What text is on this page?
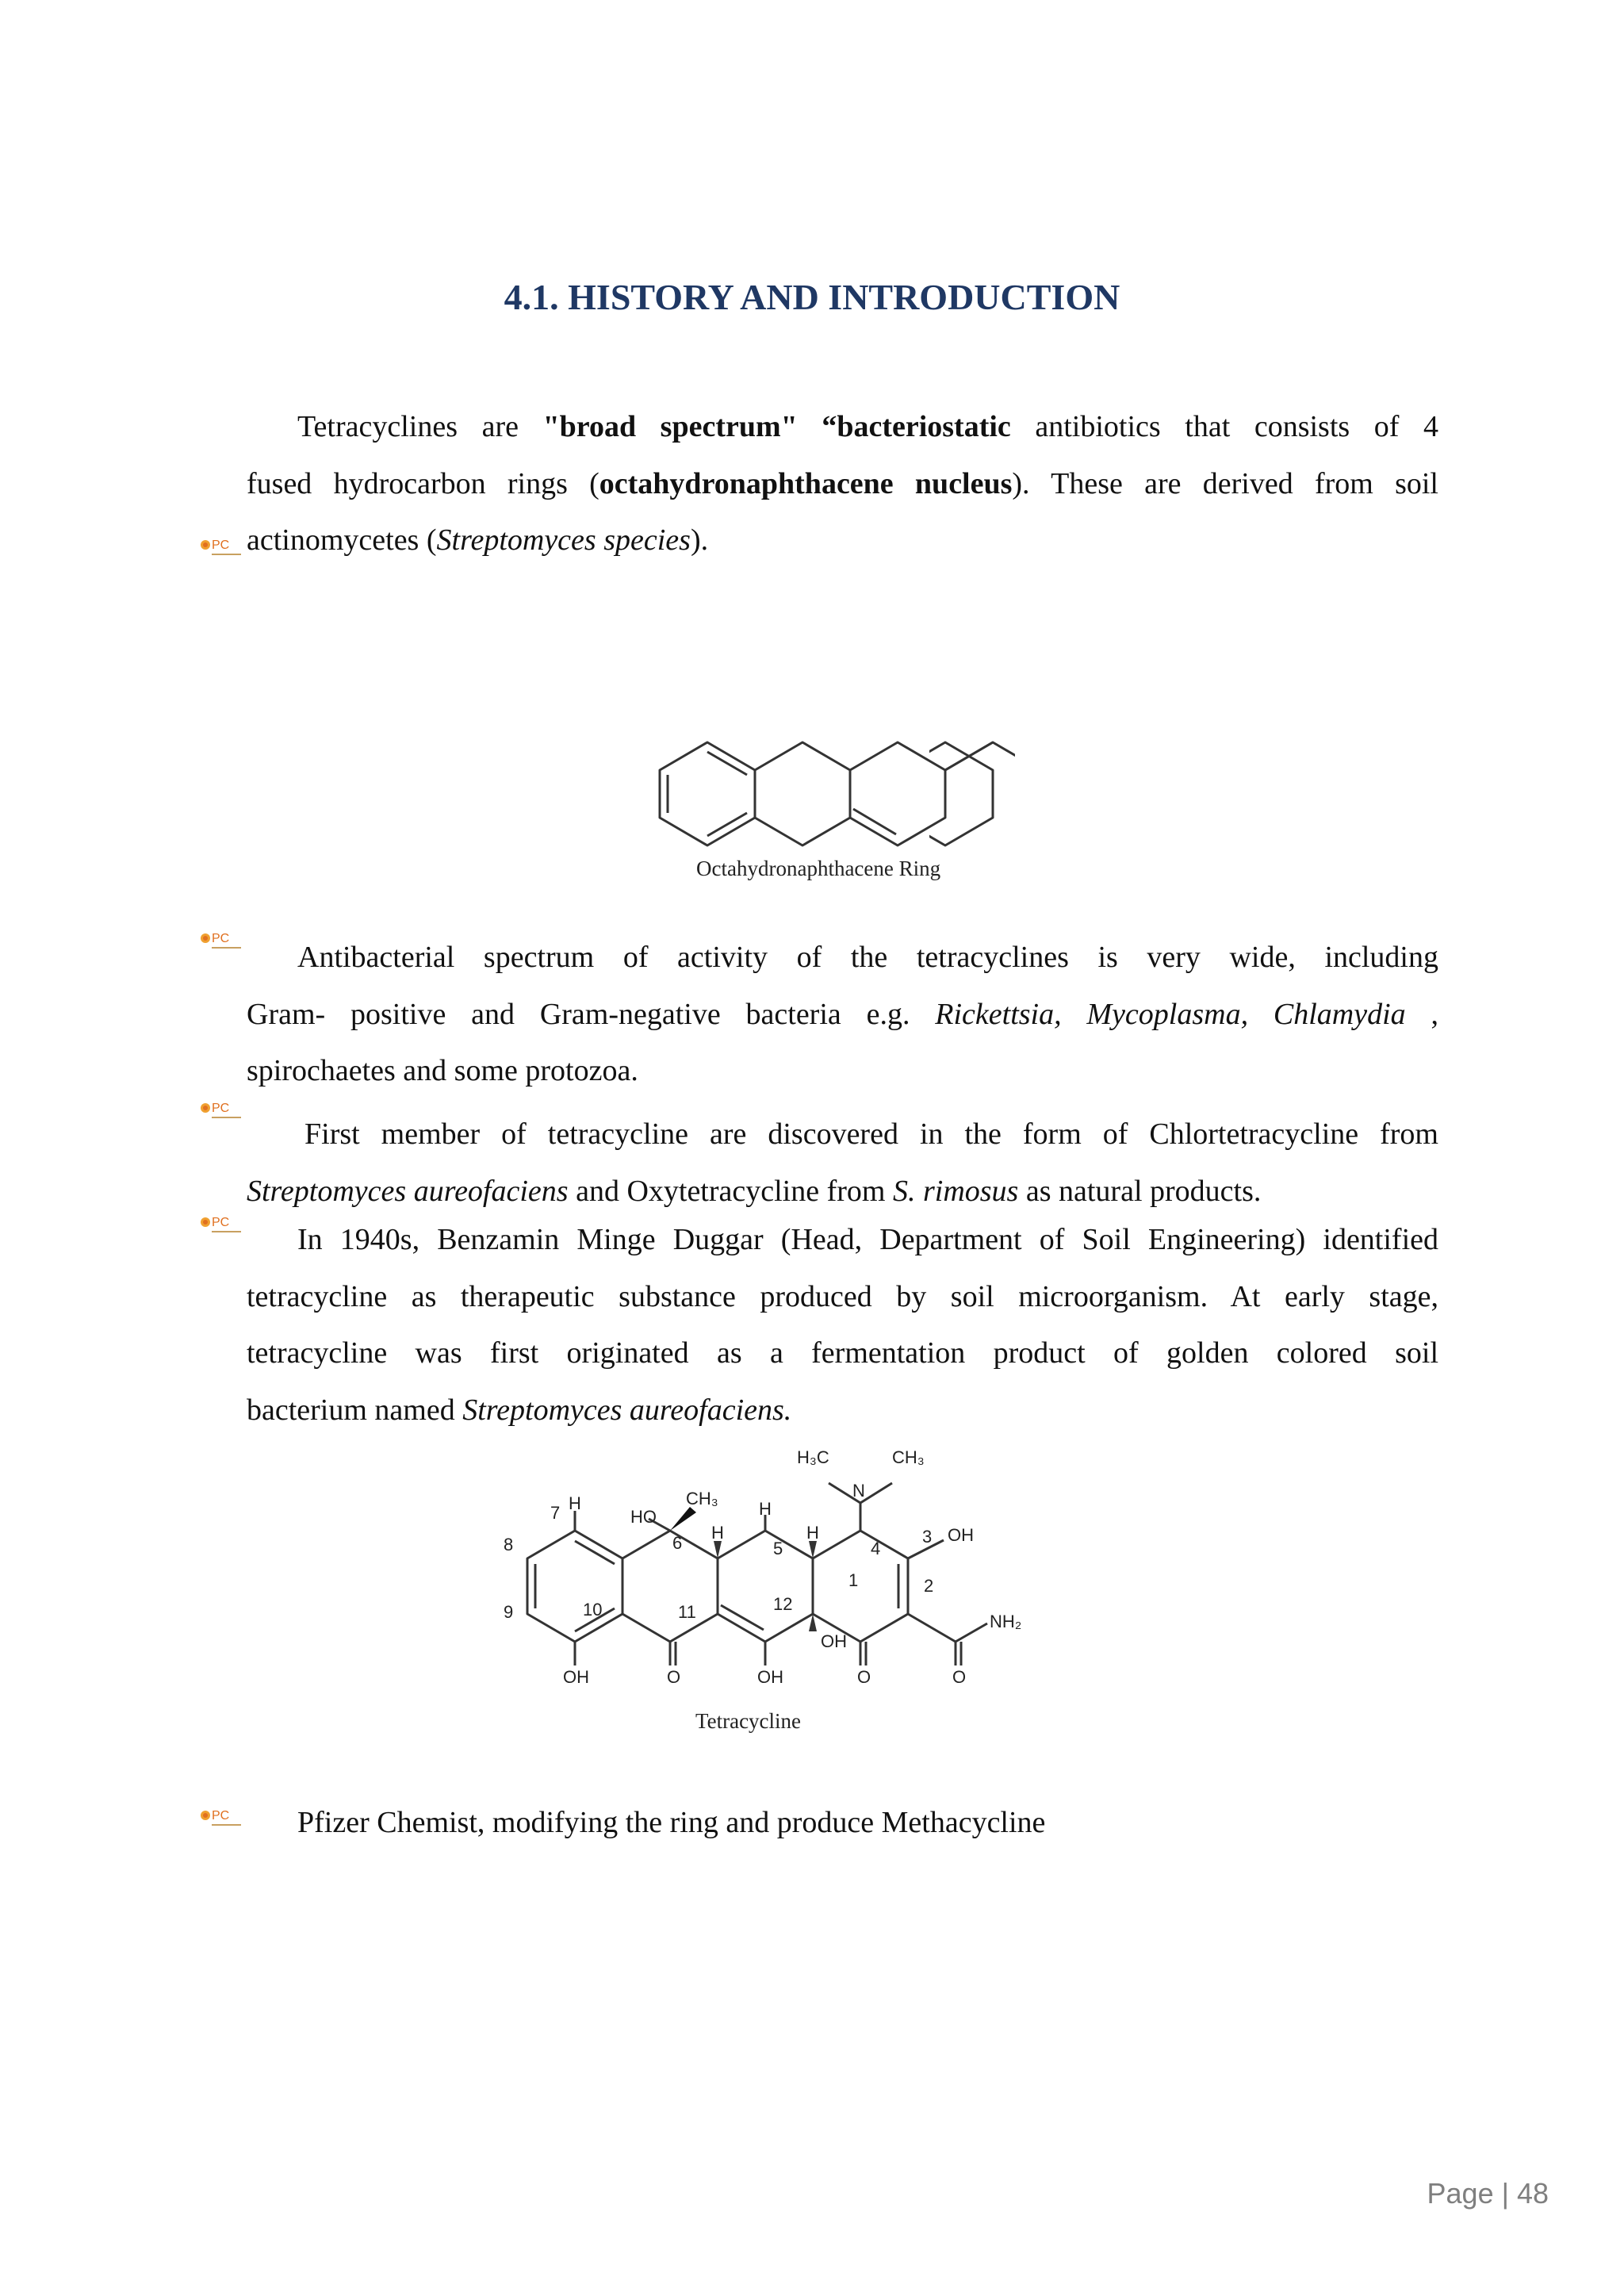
4.1. HISTORY AND INTRODUCTION
Tetracyclines are "broad spectrum" “bacteriostatic antibiotics that consists of 4
fused hydrocarbon rings (octahydronaphthacene nucleus). These are derived from soil
actinomycetes (Streptomyces species).
PC
PC
PC
PC
PC
Octahydronaphthacene Ring
Antibacterial spectrum of activity of the tetracyclines is very wide, including
Gram- positive and Gram-negative bacteria e.g. Rickettsia, Mycoplasma, Chlamydia ,
spirochaetes and some protozoa.
First member of tetracycline are discovered in the form of Chlortetracycline from
Streptomyces aureofaciens and Oxytetracycline from S. rimosus as natural products.
In 1940s, Benzamin Minge Duggar (Head, Department of Soil Engineering) identified
tetracycline as therapeutic substance produced by soil microorganism. At early stage,
tetracycline was first originated as a fermentation product of golden colored soil
bacterium named Streptomyces aureofaciens.
H₃C	CH₃
N
HO
CH₃
OH
NH₂
OH	O	OH
OH
O	O
H
H
H
H
1	2
3
4
5
6
7
8
9	10	11	12
Tetracycline
Pfizer Chemist, modifying the ring and produce Methacycline
Page | 48
